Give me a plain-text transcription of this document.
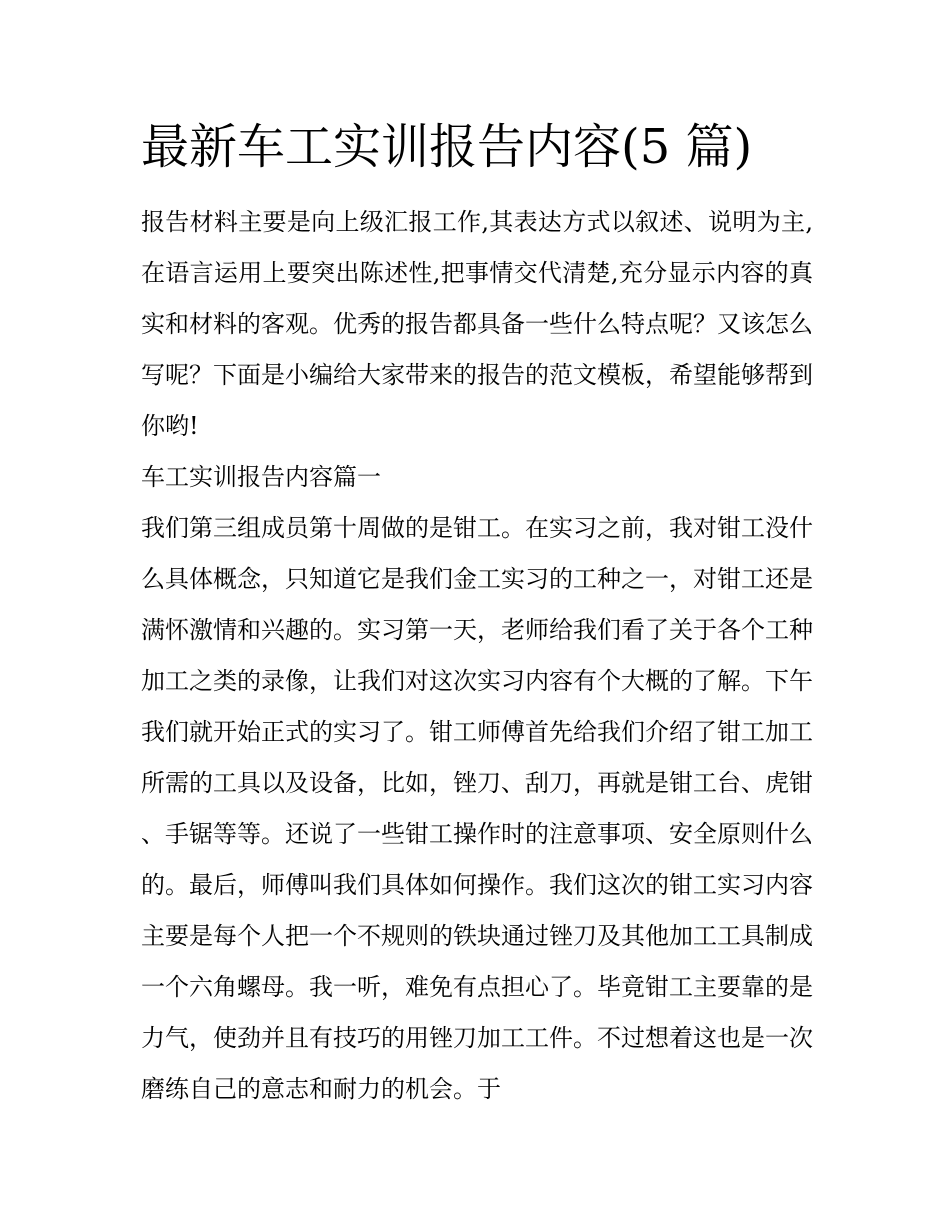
最新车工实训报告内容(5 篇)

报告材料主要是向上级汇报工作,其表达方式以叙述、说明为主,在语言运用上要突出陈述性,把事情交代清楚,充分显示内容的真实和材料的客观。优秀的报告都具备一些什么特点呢？又该怎么写呢？下面是小编给大家带来的报告的范文模板，希望能够帮到你哟!

车工实训报告内容篇一

我们第三组成员第十周做的是钳工。在实习之前，我对钳工没什么具体概念，只知道它是我们金工实习的工种之一，对钳工还是满怀激情和兴趣的。实习第一天，老师给我们看了关于各个工种加工之类的录像，让我们对这次实习内容有个大概的了解。下午我们就开始正式的实习了。钳工师傅首先给我们介绍了钳工加工所需的工具以及设备，比如，锉刀、刮刀，再就是钳工台、虎钳、手锯等等。还说了一些钳工操作时的注意事项、安全原则什么的。最后，师傅叫我们具体如何操作。我们这次的钳工实习内容主要是每个人把一个不规则的铁块通过锉刀及其他加工工具制成一个六角螺母。我一听，难免有点担心了。毕竟钳工主要靠的是力气，使劲并且有技巧的用锉刀加工工件。不过想着这也是一次磨练自己的意志和耐力的机会。于
